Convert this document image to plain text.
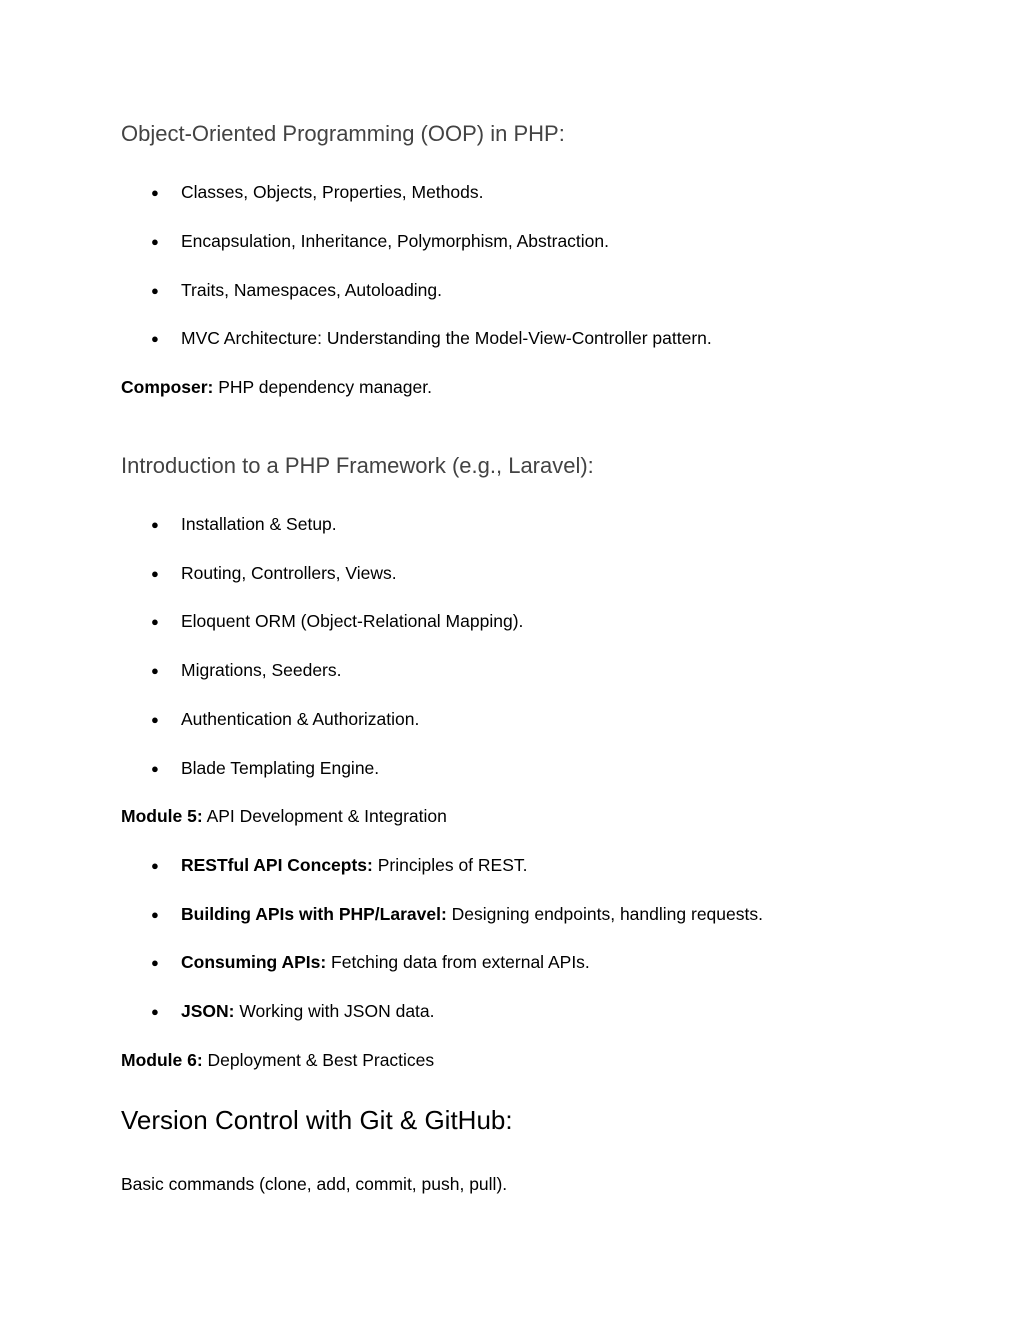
Object-Oriented Programming (OOP) in PHP:
● Classes, Objects, Properties, Methods.
● Encapsulation, Inheritance, Polymorphism, Abstraction.
● Traits, Namespaces, Autoloading.
● MVC Architecture: Understanding the Model-View-Controller pattern.
Composer: PHP dependency manager.
Introduction to a PHP Framework (e.g., Laravel):
● Installation & Setup.
● Routing, Controllers, Views.
● Eloquent ORM (Object-Relational Mapping).
● Migrations, Seeders.
● Authentication & Authorization.
● Blade Templating Engine.
Module 5: API Development & Integration
● RESTful API Concepts: Principles of REST.
● Building APIs with PHP/Laravel: Designing endpoints, handling requests.
● Consuming APIs: Fetching data from external APIs.
● JSON: Working with JSON data.
Module 6: Deployment & Best Practices
Version Control with Git & GitHub:
Basic commands (clone, add, commit, push, pull).
